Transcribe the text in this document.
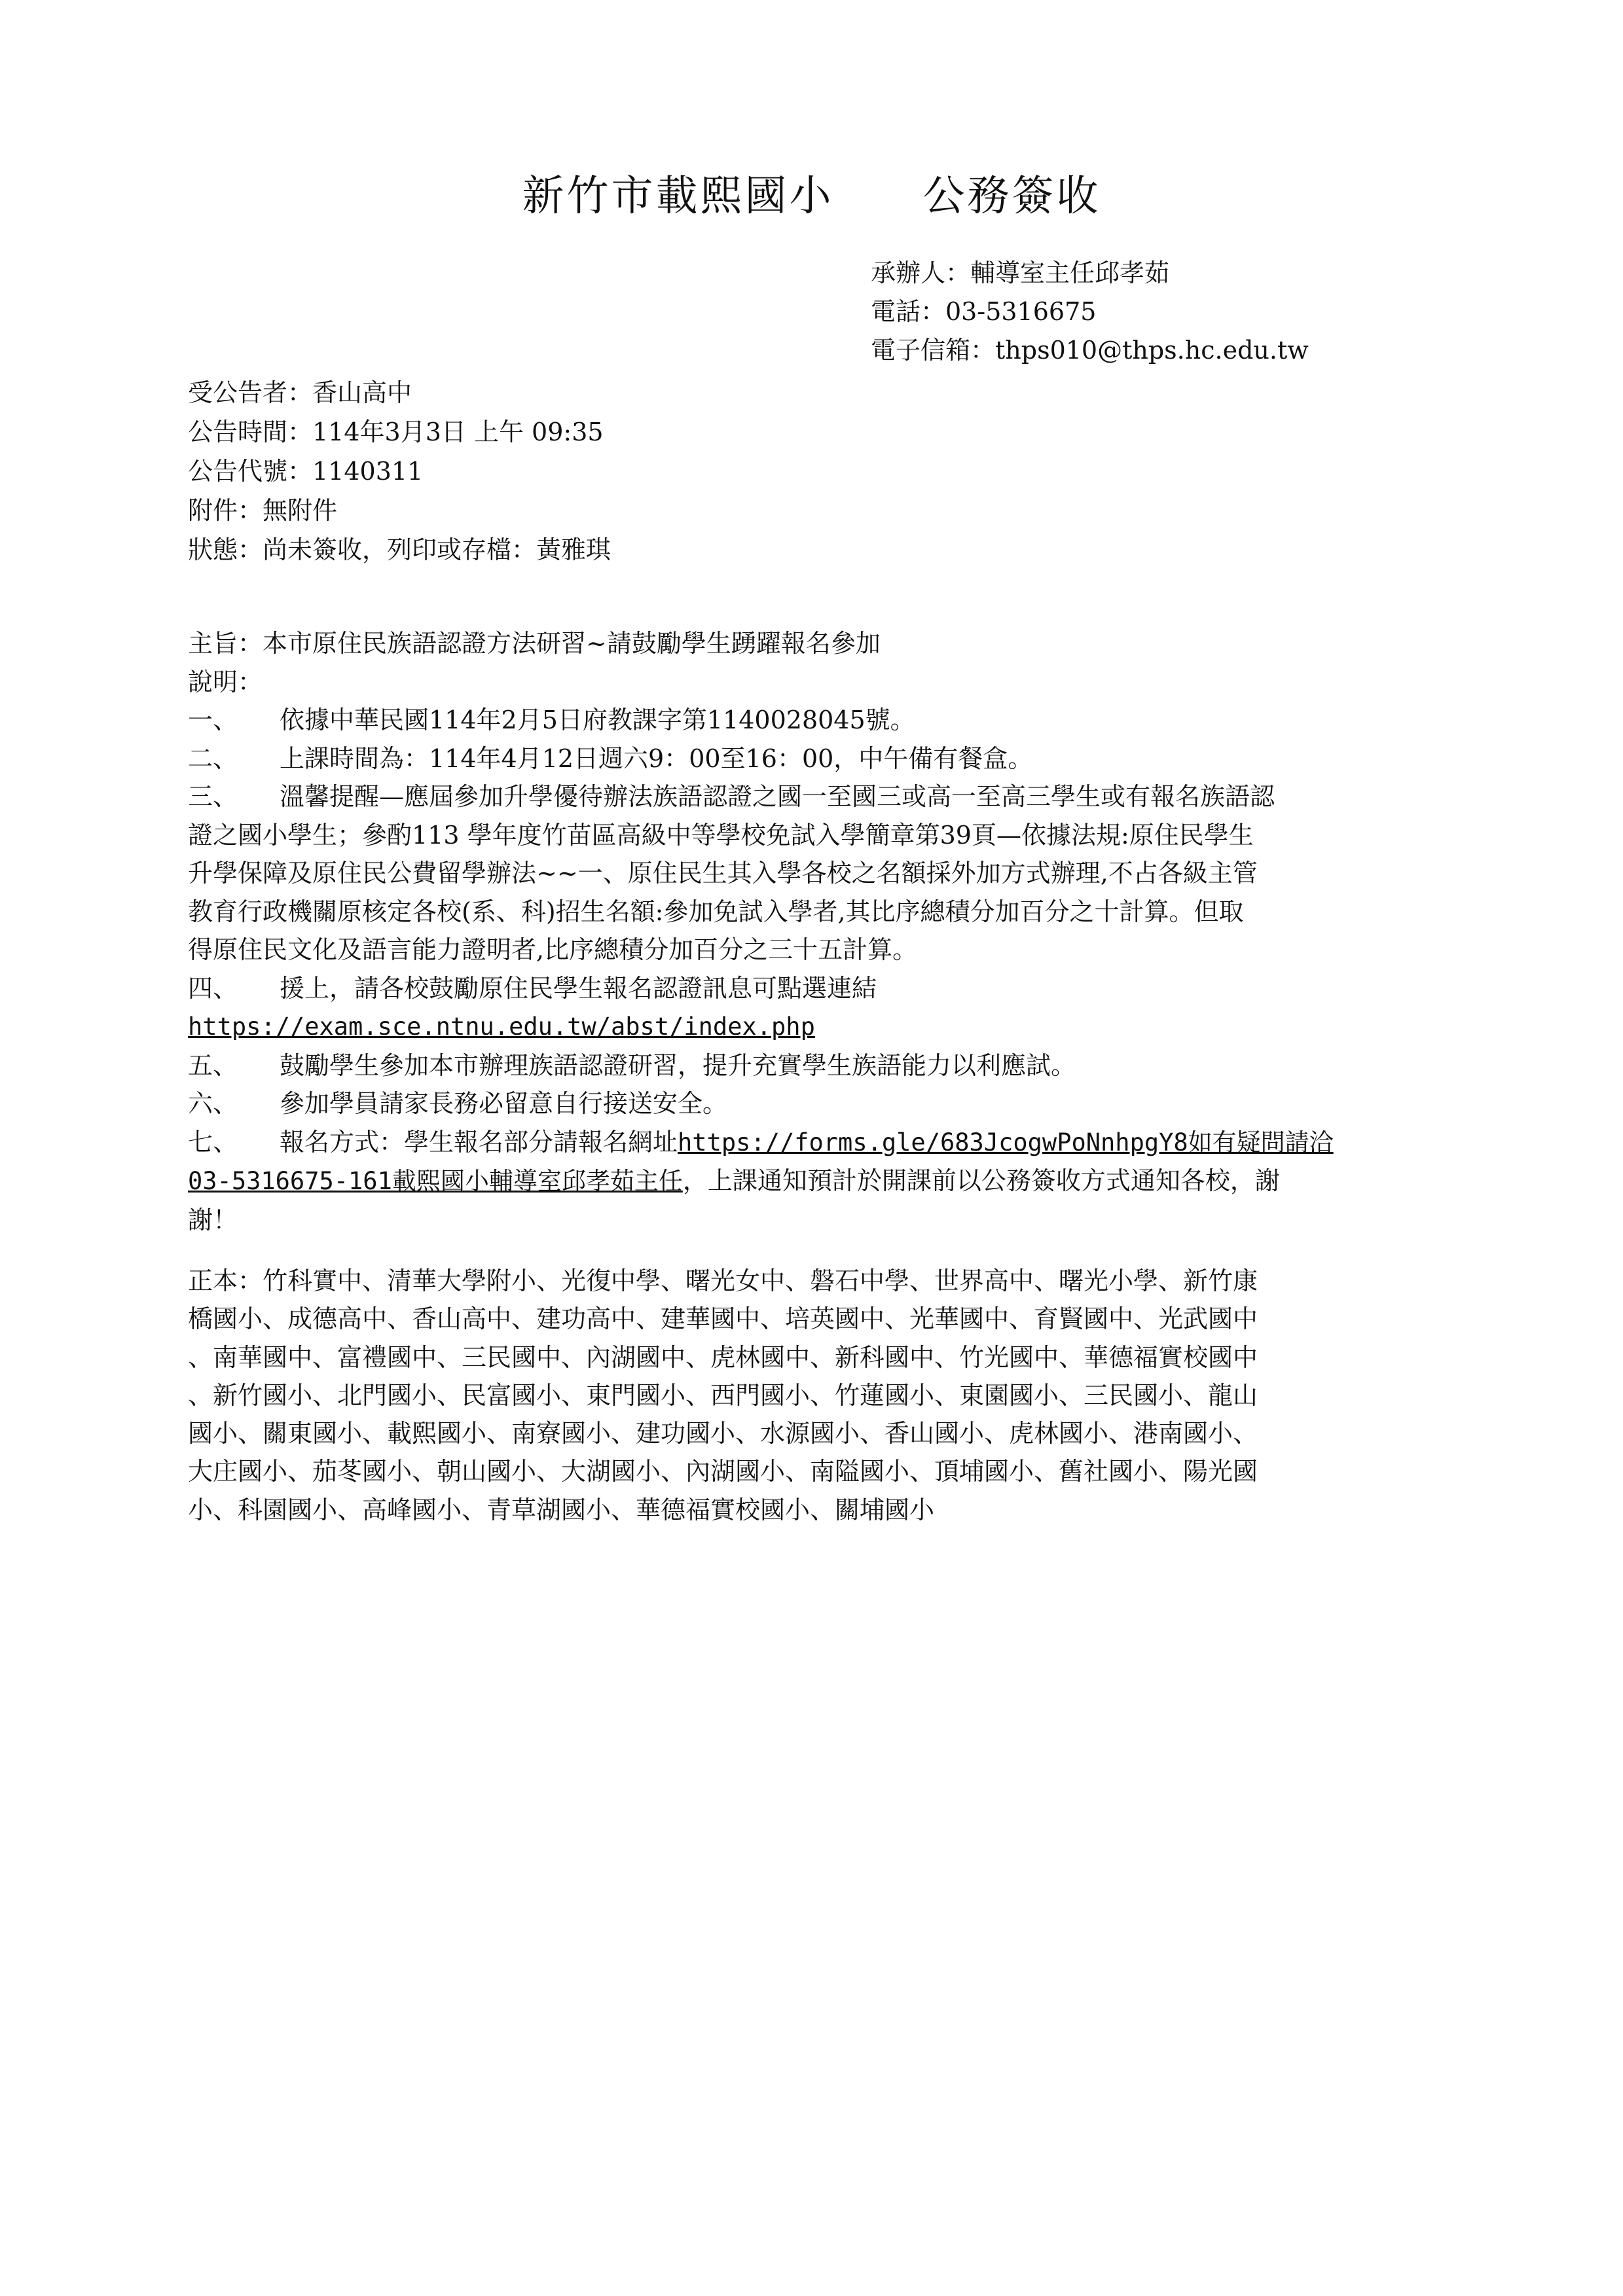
新竹市載熙國小　　公務簽收
承辦人：輔導室主任邱孝茹
電話：03-5316675
電子信箱：thps010@thps.hc.edu.tw
受公告者：香山高中
公告時間：114年3月3日 上午 09:35
公告代號：1140311
附件：無附件
狀態：尚未簽收，列印或存檔：黃雅琪
主旨：本市原住民族語認證方法研習~請鼓勵學生踴躍報名參加
說明：
一、 依據中華民國114年2月5日府教課字第1140028045號。
二、 上課時間為：114年4月12日週六9：00至16：00，中午備有餐盒。
三、 溫馨提醒—應屆參加升學優待辦法族語認證之國一至國三或高一至高三學生或有報名族語認
證之國小學生；參酌113 學年度竹苗區高級中等學校免試入學簡章第39頁—依據法規:原住民學生
升學保障及原住民公費留學辦法~~一、原住民生其入學各校之名額採外加方式辦理,不占各級主管
教育行政機關原核定各校(系、科)招生名額:參加免試入學者,其比序總積分加百分之十計算。但取
得原住民文化及語言能力證明者,比序總積分加百分之三十五計算。
四、 援上，請各校鼓勵原住民學生報名認證訊息可點選連結
https://exam.sce.ntnu.edu.tw/abst/index.php
五、 鼓勵學生參加本市辦理族語認證研習，提升充實學生族語能力以利應試。
六、 參加學員請家長務必留意自行接送安全。
七、 報名方式：學生報名部分請報名網址https://forms.gle/683JcogwPoNnhpgY8如有疑問請洽
03-5316675-161載熙國小輔導室邱孝茹主任，上課通知預計於開課前以公務簽收方式通知各校，謝
謝！
正本：竹科實中、清華大學附小、光復中學、曙光女中、磐石中學、世界高中、曙光小學、新竹康
橋國小、成德高中、香山高中、建功高中、建華國中、培英國中、光華國中、育賢國中、光武國中
、南華國中、富禮國中、三民國中、內湖國中、虎林國中、新科國中、竹光國中、華德福實校國中
、新竹國小、北門國小、民富國小、東門國小、西門國小、竹蓮國小、東園國小、三民國小、龍山
國小、關東國小、載熙國小、南寮國小、建功國小、水源國小、香山國小、虎林國小、港南國小、
大庄國小、茄苳國小、朝山國小、大湖國小、內湖國小、南隘國小、頂埔國小、舊社國小、陽光國
小、科園國小、高峰國小、青草湖國小、華德福實校國小、關埔國小
